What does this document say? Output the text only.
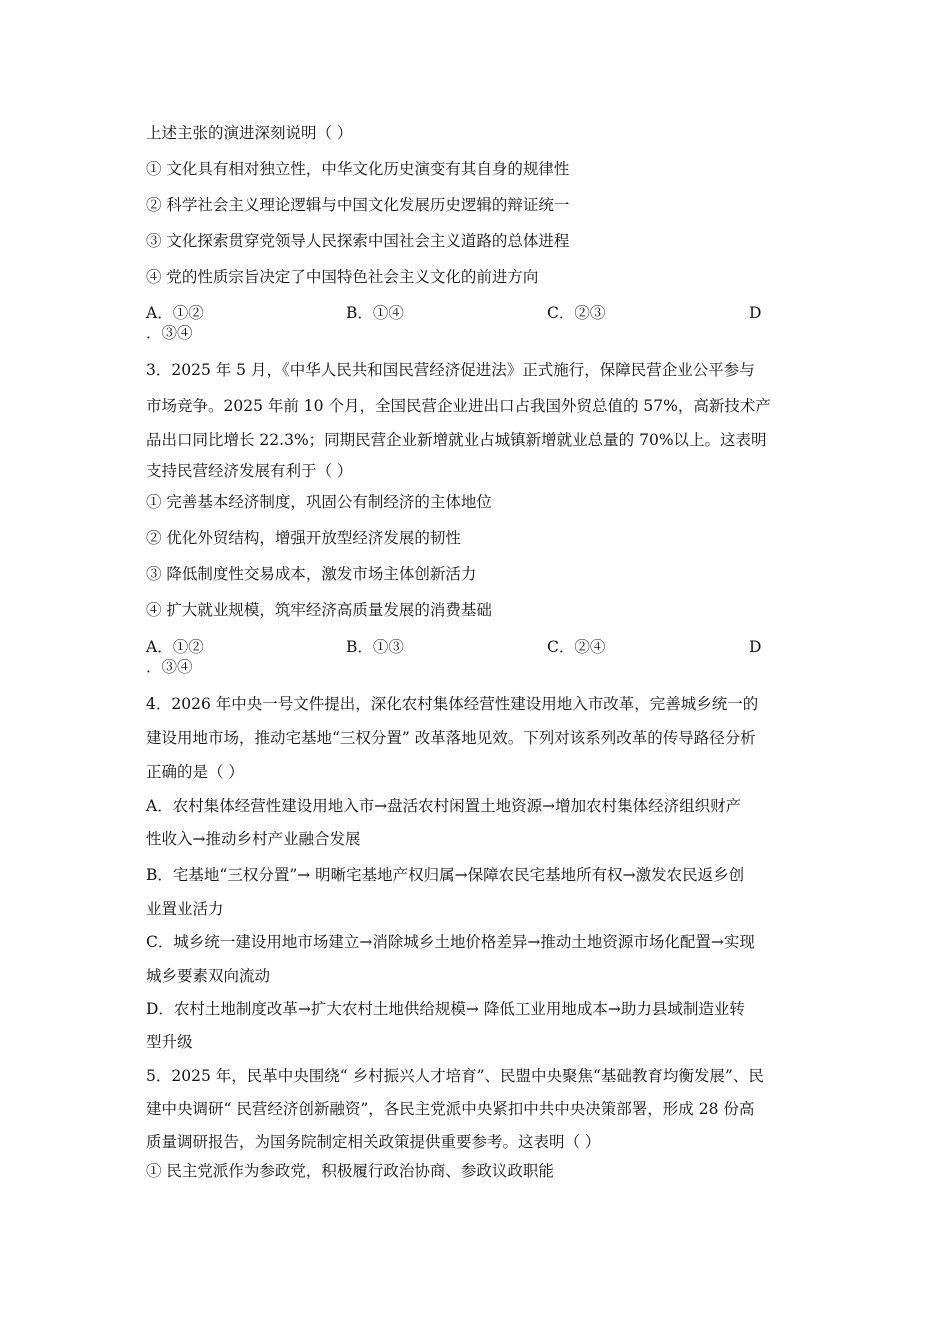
上述主张的演进深刻说明（ ）
① 文化具有相对独立性，中华文化历史演变有其自身的规律性
② 科学社会主义理论逻辑与中国文化发展历史逻辑的辩证统一
③ 文化探索贯穿党领导人民探索中国社会主义道路的总体进程
④ 党的性质宗旨决定了中国特色社会主义文化的前进方向
A．①②	B．①④	C．②③	D
．③④
3．2025 年 5 月，《中华人民共和国民营经济促进法》正式施行，保障民营企业公平参与
市场竞争。2025 年前 10 个月，全国民营企业进出口占我国外贸总值的 57%，高新技术产
品出口同比增长 22.3%；同期民营企业新增就业占城镇新增就业总量的 70%以上。这表明
支持民营经济发展有利于（ ）
① 完善基本经济制度，巩固公有制经济的主体地位
② 优化外贸结构，增强开放型经济发展的韧性
③ 降低制度性交易成本，激发市场主体创新活力
④ 扩大就业规模，筑牢经济高质量发展的消费基础
A．①②	B．①③	C．②④	D
．③④
4．2026 年中央一号文件提出，深化农村集体经营性建设用地入市改革，完善城乡统一的
建设用地市场，推动宅基地“三权分置” 改革落地见效。下列对该系列改革的传导路径分析
正确的是（ ）
A．农村集体经营性建设用地入市→盘活农村闲置土地资源→增加农村集体经济组织财产
性收入→推动乡村产业融合发展
B．宅基地“三权分置”→ 明晰宅基地产权归属→保障农民宅基地所有权→激发农民返乡创
业置业活力
C．城乡统一建设用地市场建立→消除城乡土地价格差异→推动土地资源市场化配置→实现
城乡要素双向流动
D．农村土地制度改革→扩大农村土地供给规模→ 降低工业用地成本→助力县域制造业转
型升级
5．2025 年，民革中央围绕“ 乡村振兴人才培育”、民盟中央聚焦“基础教育均衡发展”、民
建中央调研“ 民营经济创新融资”，各民主党派中央紧扣中共中央决策部署，形成 28 份高
质量调研报告，为国务院制定相关政策提供重要参考。这表明（ ）
① 民主党派作为参政党，积极履行政治协商、参政议政职能
